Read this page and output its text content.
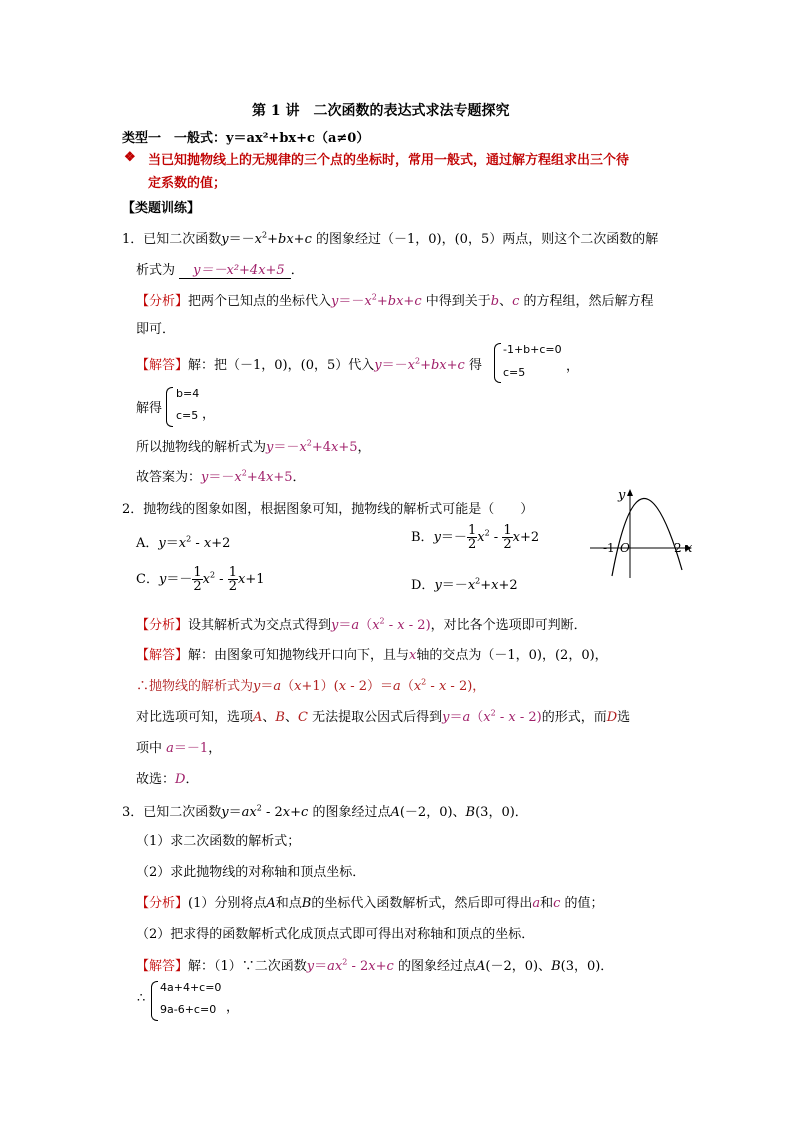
第 1 讲　二次函数的表达式求法专题探究
类型一　一般式：y＝ax²+bx+c（a≠0）
❖ 当已知抛物线上的无规律的三个点的坐标时，常用一般式，通过解方程组求出三个待
定系数的值；
【类题训练】
1．已知二次函数$y=-x^2+bx+c$ 的图象经过（－1，0)，(0，5）两点，则这个二次函数的解
析式为 y＝－x²+4x+5 ．
【分析】把两个已知点的坐标代入$y=-x^2+bx+c$ 中得到关于b、c 的方程组，然后解方程
即可．
【解答】解：把（－1，0)，(0，5）代入$y=-x^2+bx+c$ 得
-1+b+c=0
c=5	，
解得
b=4
c=5 ，
所以抛物线的解析式为$y=-x^2+4x+5$，
故答案为：$y=-x^2+4x+5$．
2．抛物线的图象如图，根据图象可知，抛物线的解析式可能是（　　）
y
x
-1 O	2
A．$y=x^2 - x+2$	B．$y=- \frac{1}{2} x^2 - \frac{1}{2} x+2$
C．$y=- \frac{1}{2} x^2 - \frac{1}{2} x+1$	D．$y=-x^2+x+2$
【分析】设其解析式为交点式得到$y=a(x^2 - x - 2)$，对比各个选项即可判断．
【解答】解：由图象可知抛物线开口向下，且与x轴的交点为（－1，0)，(2，0)，
∴抛物线的解析式为$y=a(x+1)(x - 2)=a(x^2 - x - 2)$，
对比选项可知，选项A、B、C 无法提取公因式后得到$y=a(x^2 - x - 2)$的形式，而D选
项中 a＝－1，
故选：D．
3．已知二次函数$y=ax^2 - 2x+c$ 的图象经过点A(－2，0)、B(3，0)．
（1）求二次函数的解析式；
（2）求此抛物线的对称轴和顶点坐标．
【分析】(1）分别将点A和点B的坐标代入函数解析式，然后即可得出a和c 的值；
（2）把求得的函数解析式化成顶点式即可得出对称轴和顶点的坐标．
【解答】解：（1）∵二次函数$y=ax^2 - 2x+c$ 的图象经过点A(－2，0)、B(3，0)．
∴
4a+4+c=0
9a-6+c=0 ，
